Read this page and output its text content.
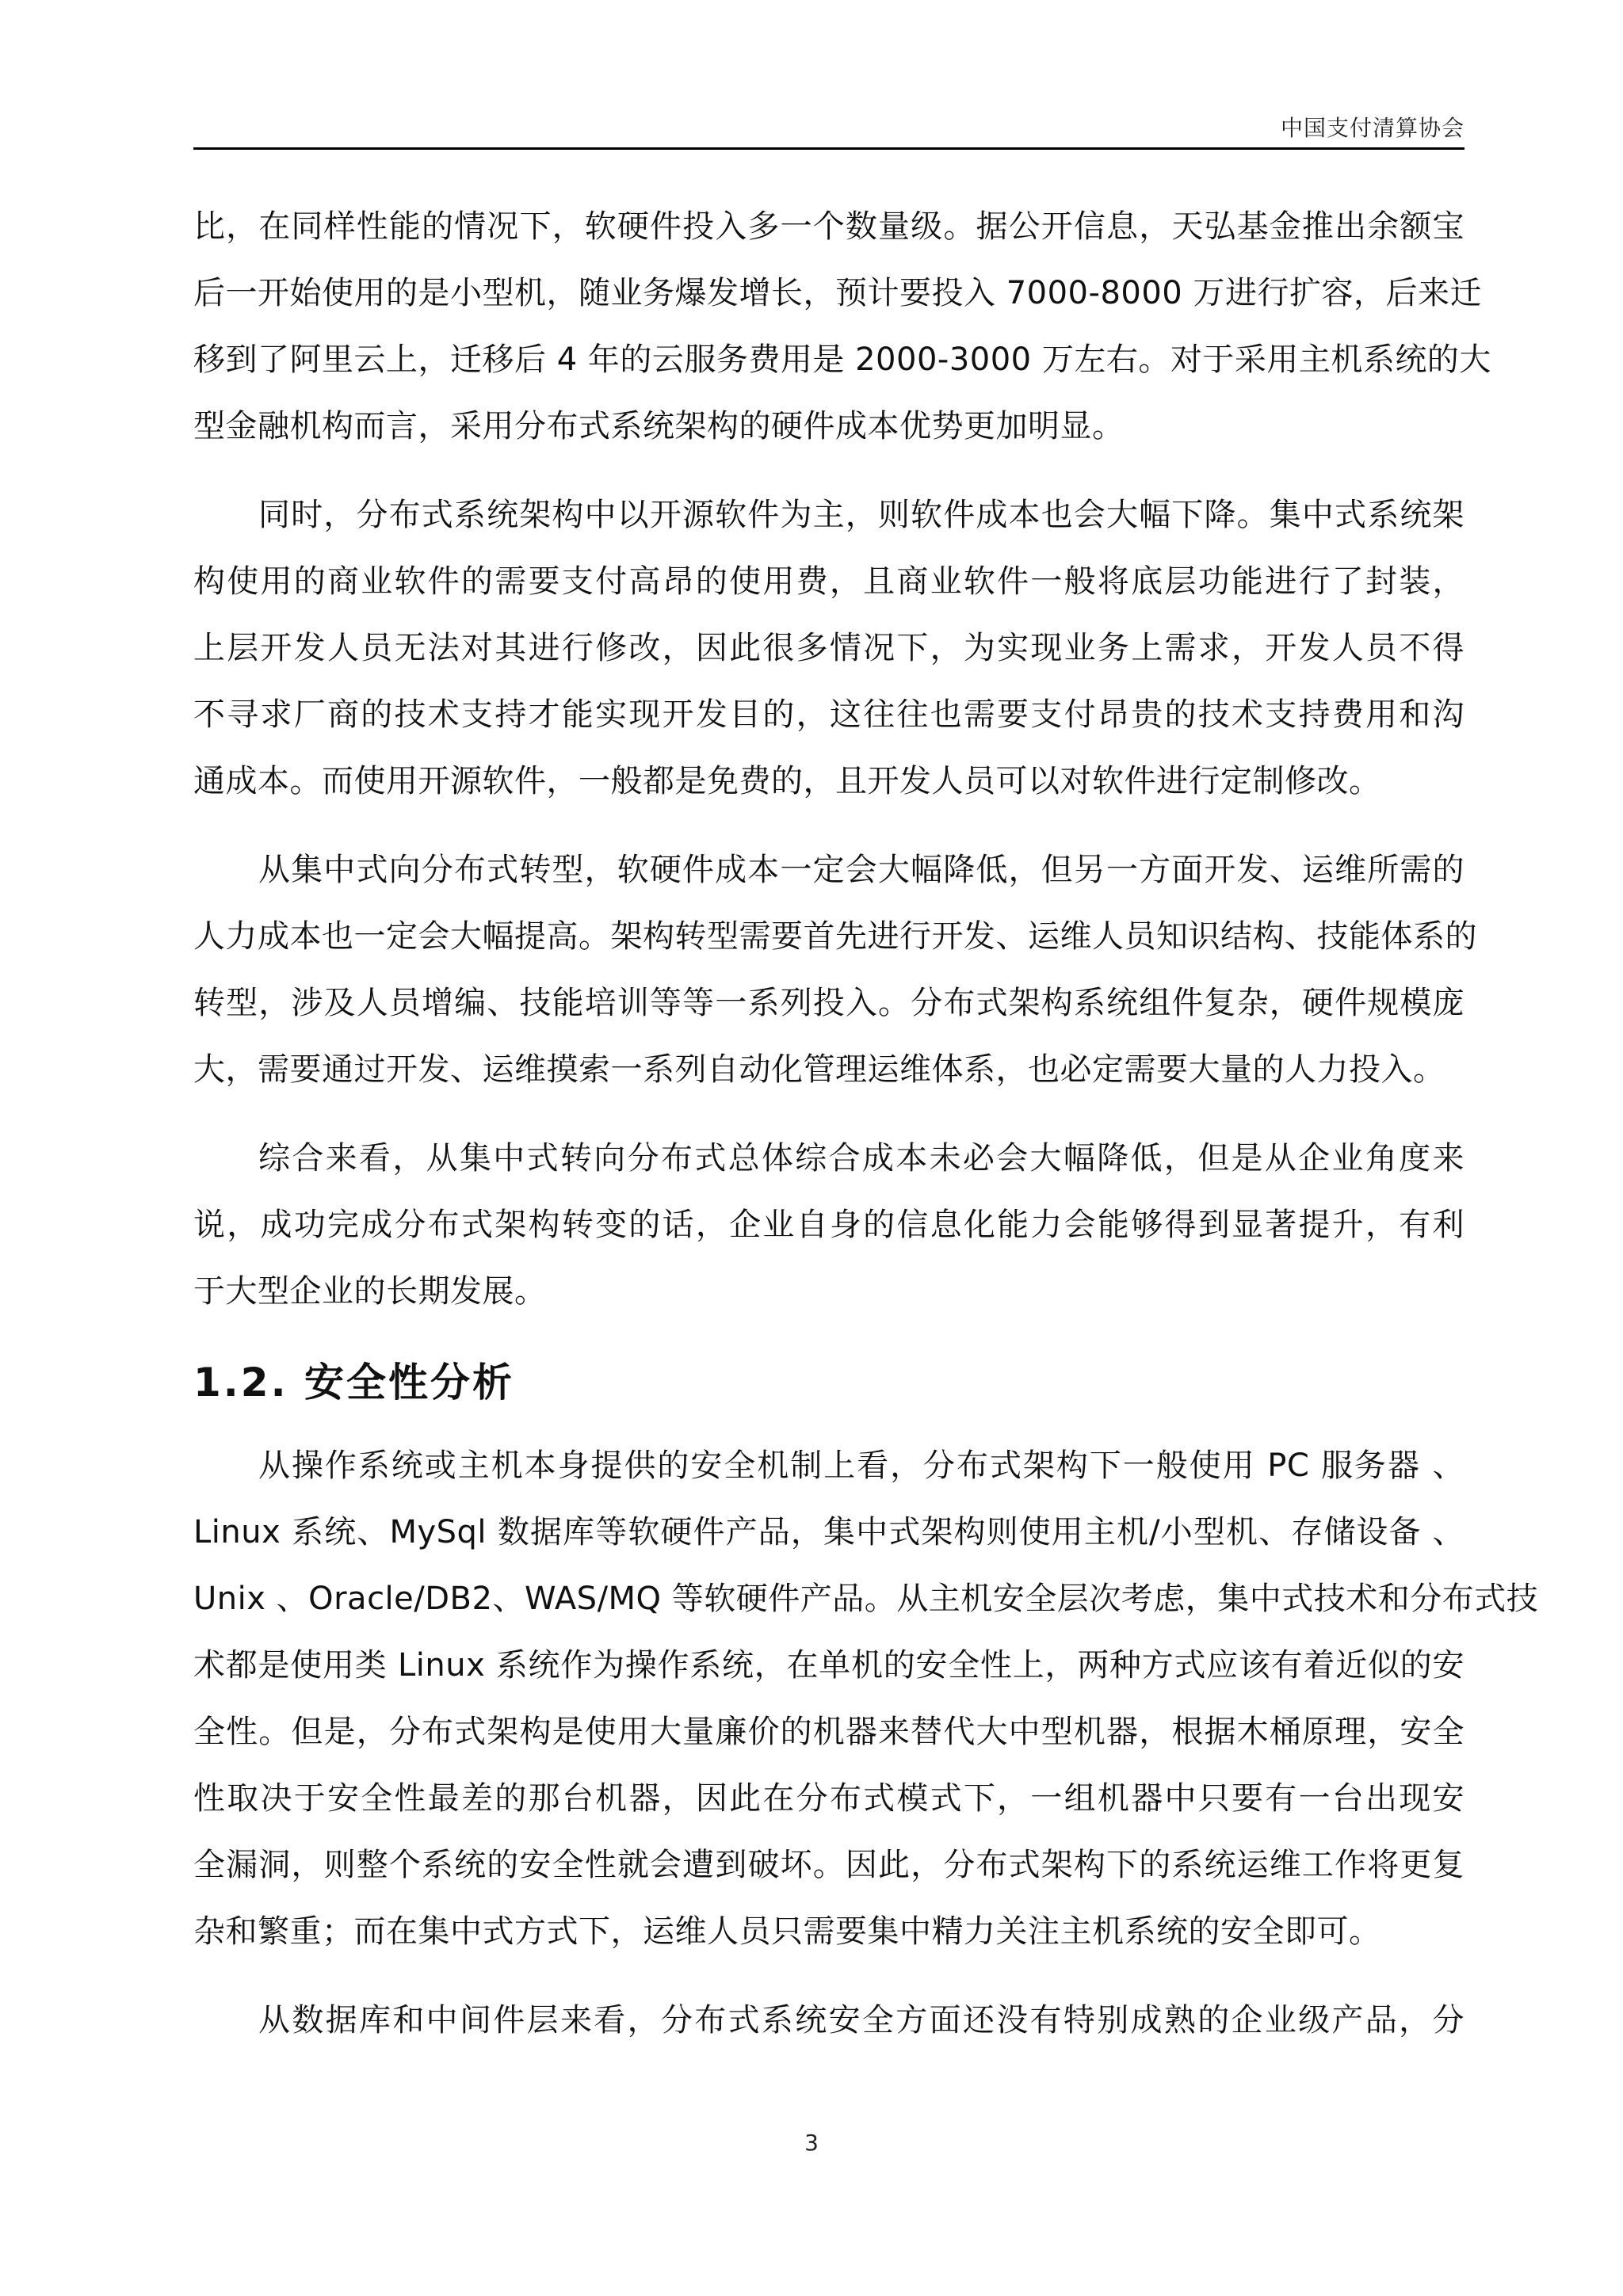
中国支付清算协会
比，在同样性能的情况下，软硬件投入多一个数量级。据公开信息，天弘基金推出余额宝
后一开始使用的是小型机，随业务爆发增长，预计要投入 7000-8000 万进行扩容，后来迁
移到了阿里云上，迁移后 4 年的云服务费用是 2000-3000 万左右。对于采用主机系统的大
型金融机构而言，采用分布式系统架构的硬件成本优势更加明显。
同时，分布式系统架构中以开源软件为主，则软件成本也会大幅下降。集中式系统架
构使用的商业软件的需要支付高昂的使用费，且商业软件一般将底层功能进行了封装，
上层开发人员无法对其进行修改，因此很多情况下，为实现业务上需求，开发人员不得
不寻求厂商的技术支持才能实现开发目的，这往往也需要支付昂贵的技术支持费用和沟
通成本。而使用开源软件，一般都是免费的，且开发人员可以对软件进行定制修改。
从集中式向分布式转型，软硬件成本一定会大幅降低，但另一方面开发、运维所需的
人力成本也一定会大幅提高。架构转型需要首先进行开发、运维人员知识结构、技能体系的
转型，涉及人员增编、技能培训等等一系列投入。分布式架构系统组件复杂，硬件规模庞
大，需要通过开发、运维摸索一系列自动化管理运维体系，也必定需要大量的人力投入。
综合来看，从集中式转向分布式总体综合成本未必会大幅降低，但是从企业角度来
说，成功完成分布式架构转变的话，企业自身的信息化能力会能够得到显著提升，有利
于大型企业的长期发展。
1.2. 安全性分析
从操作系统或主机本身提供的安全机制上看，分布式架构下一般使用 PC 服务器 、
Linux 系统、MySql 数据库等软硬件产品，集中式架构则使用主机/小型机、存储设备 、
Unix 、Oracle/DB2、WAS/MQ 等软硬件产品。从主机安全层次考虑，集中式技术和分布式技
术都是使用类 Linux 系统作为操作系统，在单机的安全性上，两种方式应该有着近似的安
全性。但是，分布式架构是使用大量廉价的机器来替代大中型机器，根据木桶原理，安全
性取决于安全性最差的那台机器，因此在分布式模式下，一组机器中只要有一台出现安
全漏洞，则整个系统的安全性就会遭到破坏。因此，分布式架构下的系统运维工作将更复
杂和繁重；而在集中式方式下，运维人员只需要集中精力关注主机系统的安全即可。
从数据库和中间件层来看，分布式系统安全方面还没有特别成熟的企业级产品，分
3
